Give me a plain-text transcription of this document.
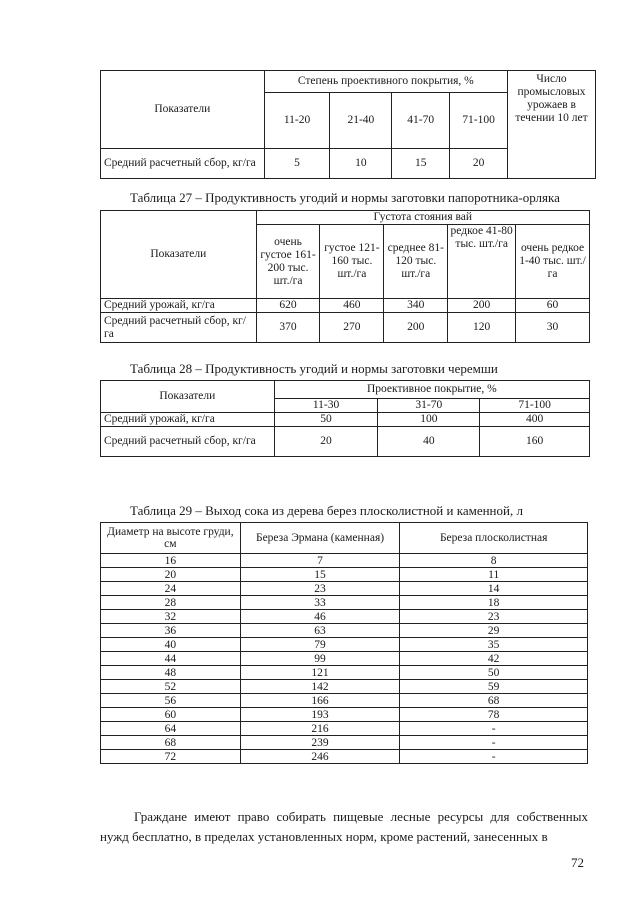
Показатели	Степень проективного покрытия, %				Число промысловых урожаев в течении 10 лет
	11-20	21-40	41-70	71-100	
Средний расчетный сбор, кг/га	5	10	15	20	
Таблица 27 – Продуктивность угодий и нормы заготовки папоротника-орляка
Показатели	Густота стояния вай				
	очень густое 161-200 тыс. шт./га	густое 121-160 тыс. шт./га	среднее 81-120 тыс. шт./га	редкое 41-80 тыс. шт./га	очень редкое 1-40 тыс. шт./га
Средний урожай, кг/га	620	460	340	200	60
Средний расчетный сбор, кг/га	370	270	200	120	30
Таблица 28 – Продуктивность угодий и нормы заготовки черемши
Показатели	Проективное покрытие, %		
	11-30	31-70	71-100
Средний урожай, кг/га	50	100	400
Средний расчетный сбор, кг/га	20	40	160
Таблица 29 – Выход сока из дерева берез плосколистной и каменной, л
Диаметр на высоте груди, см	Береза Эрмана (каменная)	Береза плосколистная
16	7	8
20	15	11
24	23	14
28	33	18
32	46	23
36	63	29
40	79	35
44	99	42
48	121	50
52	142	59
56	166	68
60	193	78
64	216	-
68	239	-
72	246	-

Граждане имеют право собирать пищевые лесные ресурсы для собственных нужд бесплатно, в пределах установленных норм, кроме растений, занесенных в

72
